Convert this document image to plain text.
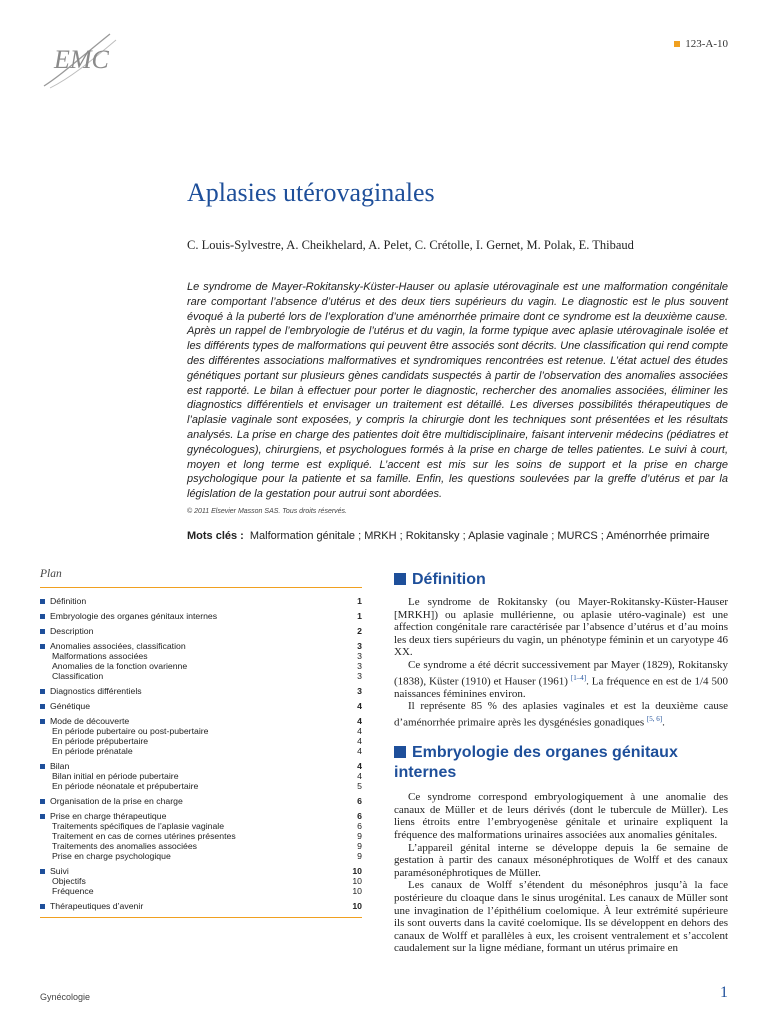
EMC
123-A-10
Aplasies utérovaginales
C. Louis-Sylvestre, A. Cheikhelard, A. Pelet, C. Crétolle, I. Gernet, M. Polak, E. Thibaud

Le syndrome de Mayer-Rokitansky-Küster-Hauser ou aplasie utérovaginale est une malformation congénitale rare comportant l’absence d’utérus et des deux tiers supérieurs du vagin. Le diagnostic est le plus souvent évoqué à la puberté lors de l’exploration d’une aménorrhée primaire dont ce syndrome est la deuxième cause. Après un rappel de l’embryologie de l’utérus et du vagin, la forme typique avec aplasie utérovaginale isolée et les différents types de malformations qui peuvent être associés sont décrits. Une classification qui rend compte des différentes associations malformatives et syndromiques rencontrées est retenue. L’état actuel des études génétiques portant sur plusieurs gènes candidats suspectés à partir de l’observation des anomalies associées est rapporté. Le bilan à effectuer pour porter le diagnostic, rechercher des anomalies associées, éliminer les diagnostics différentiels et envisager un traitement est détaillé. Les diverses possibilités thérapeutiques de l’aplasie vaginale sont exposées, y compris la chirurgie dont les techniques sont présentées et les résultats analysés. La prise en charge des patientes doit être multidisciplinaire, faisant intervenir médecins (pédiatres et gynécologues), chirurgiens, et psychologues formés à la prise en charge de telles patientes. Le suivi à court, moyen et long terme est expliqué. L’accent est mis sur les soins de support et la prise en charge psychologique pour la patiente et sa famille. Enfin, les questions soulevées par la greffe d’utérus et par la législation de la gestation pour autrui sont abordées.

© 2011 Elsevier Masson SAS. Tous droits réservés.
Mots clés : Malformation génitale ; MRKH ; Rokitansky ; Aplasie vaginale ; MURCS ; Aménorrhée primaire
Plan
Définition	1
Embryologie des organes génitaux internes	1
Description	2
Anomalies associées, classification	3
Malformations associées	3
Anomalies de la fonction ovarienne	3
Classification	3
Diagnostics différentiels	3
Génétique	4
Mode de découverte	4
En période pubertaire ou post-pubertaire	4
En période prépubertaire	4
En période prénatale	4
Bilan	4
Bilan initial en période pubertaire	4
En période néonatale et prépubertaire	5
Organisation de la prise en charge	6
Prise en charge thérapeutique	6
Traitements spécifiques de l’aplasie vaginale	6
Traitement en cas de cornes utérines présentes	9
Traitements des anomalies associées	9
Prise en charge psychologique	9
Suivi	10
Objectifs	10
Fréquence	10
Thérapeutiques d’avenir	10
Définition

Le syndrome de Rokitansky (ou Mayer-Rokitansky-Küster-Hauser [MRKH]) ou aplasie mullérienne, ou aplasie utéro-vaginale) est une affection congénitale rare caractérisée par l’absence d’utérus et d’au moins les deux tiers supérieurs du vagin, un phénotype féminin et un caryotype 46 XX.

Ce syndrome a été décrit successivement par Mayer (1829), Rokitansky (1838), Küster (1910) et Hauser (1961) [1–4]. La fréquence en est de 1/4 500 naissances féminines environ.

Il représente 85 % des aplasies vaginales et est la deuxième cause d’aménorrhée primaire après les dysgénésies gonadiques [5, 6].

Embryologie des organes génitaux internes

Ce syndrome correspond embryologiquement à une anomalie des canaux de Müller et de leurs dérivés (dont le tubercule de Müller). Les liens étroits entre l’embryogenèse génitale et urinaire expliquent la fréquence des malformations urinaires associées aux anomalies génitales.

L’appareil génital interne se développe depuis la 6e semaine de gestation à partir des canaux mésonéphrotiques de Wolff et des canaux paramésonéphrotiques de Müller.

Les canaux de Wolff s’étendent du mésonéphros jusqu’à la face postérieure du cloaque dans le sinus urogénital. Les canaux de Müller sont une invagination de l’épithélium coelomique. À leur extrémité supérieure ils sont ouverts dans la cavité coelomique. Ils se développent en dehors des canaux de Wolff et parallèles à eux, les croisent ventralement et s’accolent caudalement sur la ligne médiane, formant un utérus primaire en

Gynécologie	1
